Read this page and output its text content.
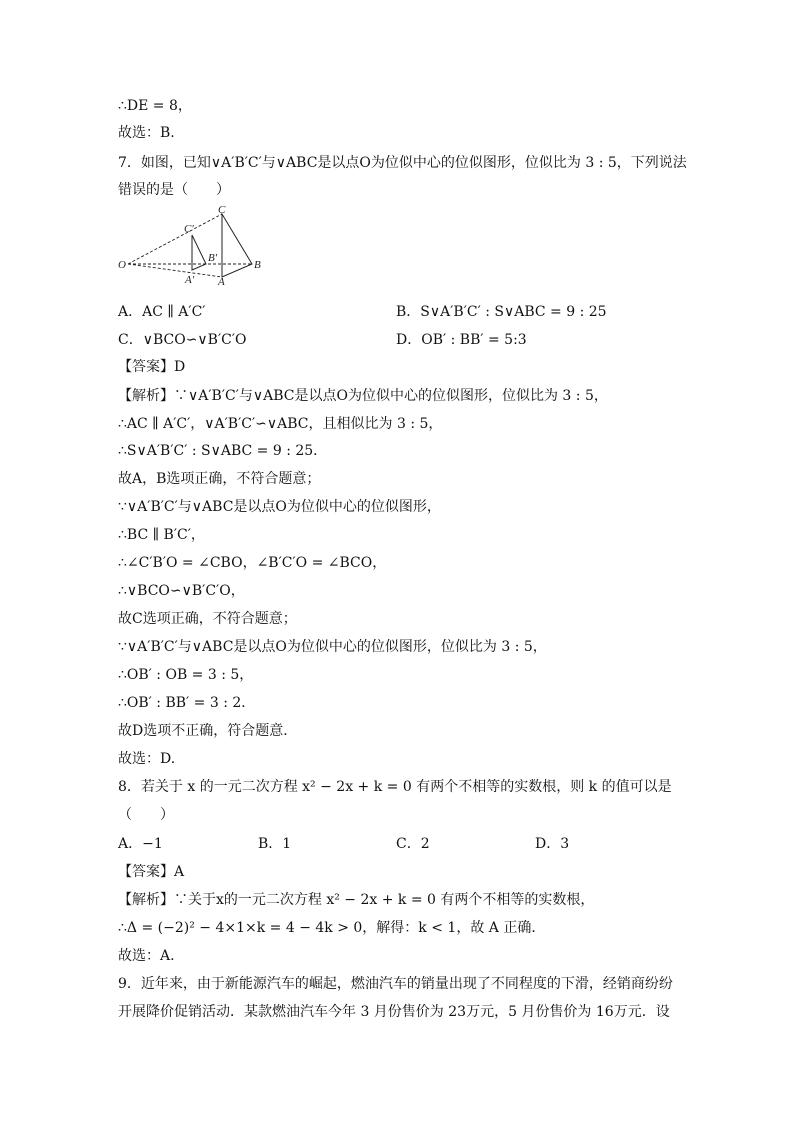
∴DE = 8，
故选：B.
7．如图，已知∨A′B′C′与∨ABC是以点O为位似中心的位似图形，位似比为 3 : 5，下列说法
错误的是（　　）
O
A
B
C
A′
B′
C′
A．AC ∥ A′C′	B．S∨A′B′C′ : S∨ABC = 9 : 25
C．∨BCO∽∨B′C′O	D．OB′ : BB′ = 5:3
【答案】D
【解析】∵∨A′B′C′与∨ABC是以点O为位似中心的位似图形，位似比为 3 : 5，
∴AC ∥ A′C′，∨A′B′C′∽∨ABC，且相似比为 3 : 5，
∴S∨A′B′C′ : S∨ABC = 9 : 25．
故A，B选项正确，不符合题意；
∵∨A′B′C′与∨ABC是以点O为位似中心的位似图形，
∴BC ∥ B′C′，
∴∠C′B′O = ∠CBO，∠B′C′O = ∠BCO，
∴∨BCO∽∨B′C′O，
故C选项正确，不符合题意；
∵∨A′B′C′与∨ABC是以点O为位似中心的位似图形，位似比为 3 : 5，
∴OB′ : OB = 3 : 5，
∴OB′ : BB′ = 3 : 2．
故D选项不正确，符合题意．
故选：D.
8．若关于 x 的一元二次方程 x² − 2x + k = 0 有两个不相等的实数根，则 k 的值可以是
（　　）
A．−1	B．1	C．2	D．3
【答案】A
【解析】∵关于x的一元二次方程 x² − 2x + k = 0 有两个不相等的实数根，
∴Δ = (−2)² − 4×1×k = 4 − 4k > 0，解得：k < 1，故 A 正确．
故选：A.
9．近年来，由于新能源汽车的崛起，燃油汽车的销量出现了不同程度的下滑，经销商纷纷
开展降价促销活动．某款燃油汽车今年 3 月份售价为 23万元，5 月份售价为 16万元．设
